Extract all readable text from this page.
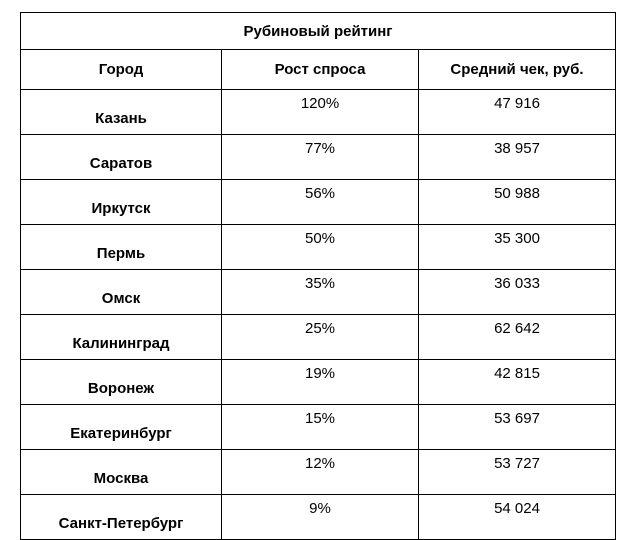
Рубиновый рейтинг		
Город	Рост спроса	Средний чек, руб.
Казань	120%	47 916
Саратов	77%	38 957
Иркутск	56%	50 988
Пермь	50%	35 300
Омск	35%	36 033
Калининград	25%	62 642
Воронеж	19%	42 815
Екатеринбург	15%	53 697
Москва	12%	53 727
Санкт-Петербург	9%	54 024
